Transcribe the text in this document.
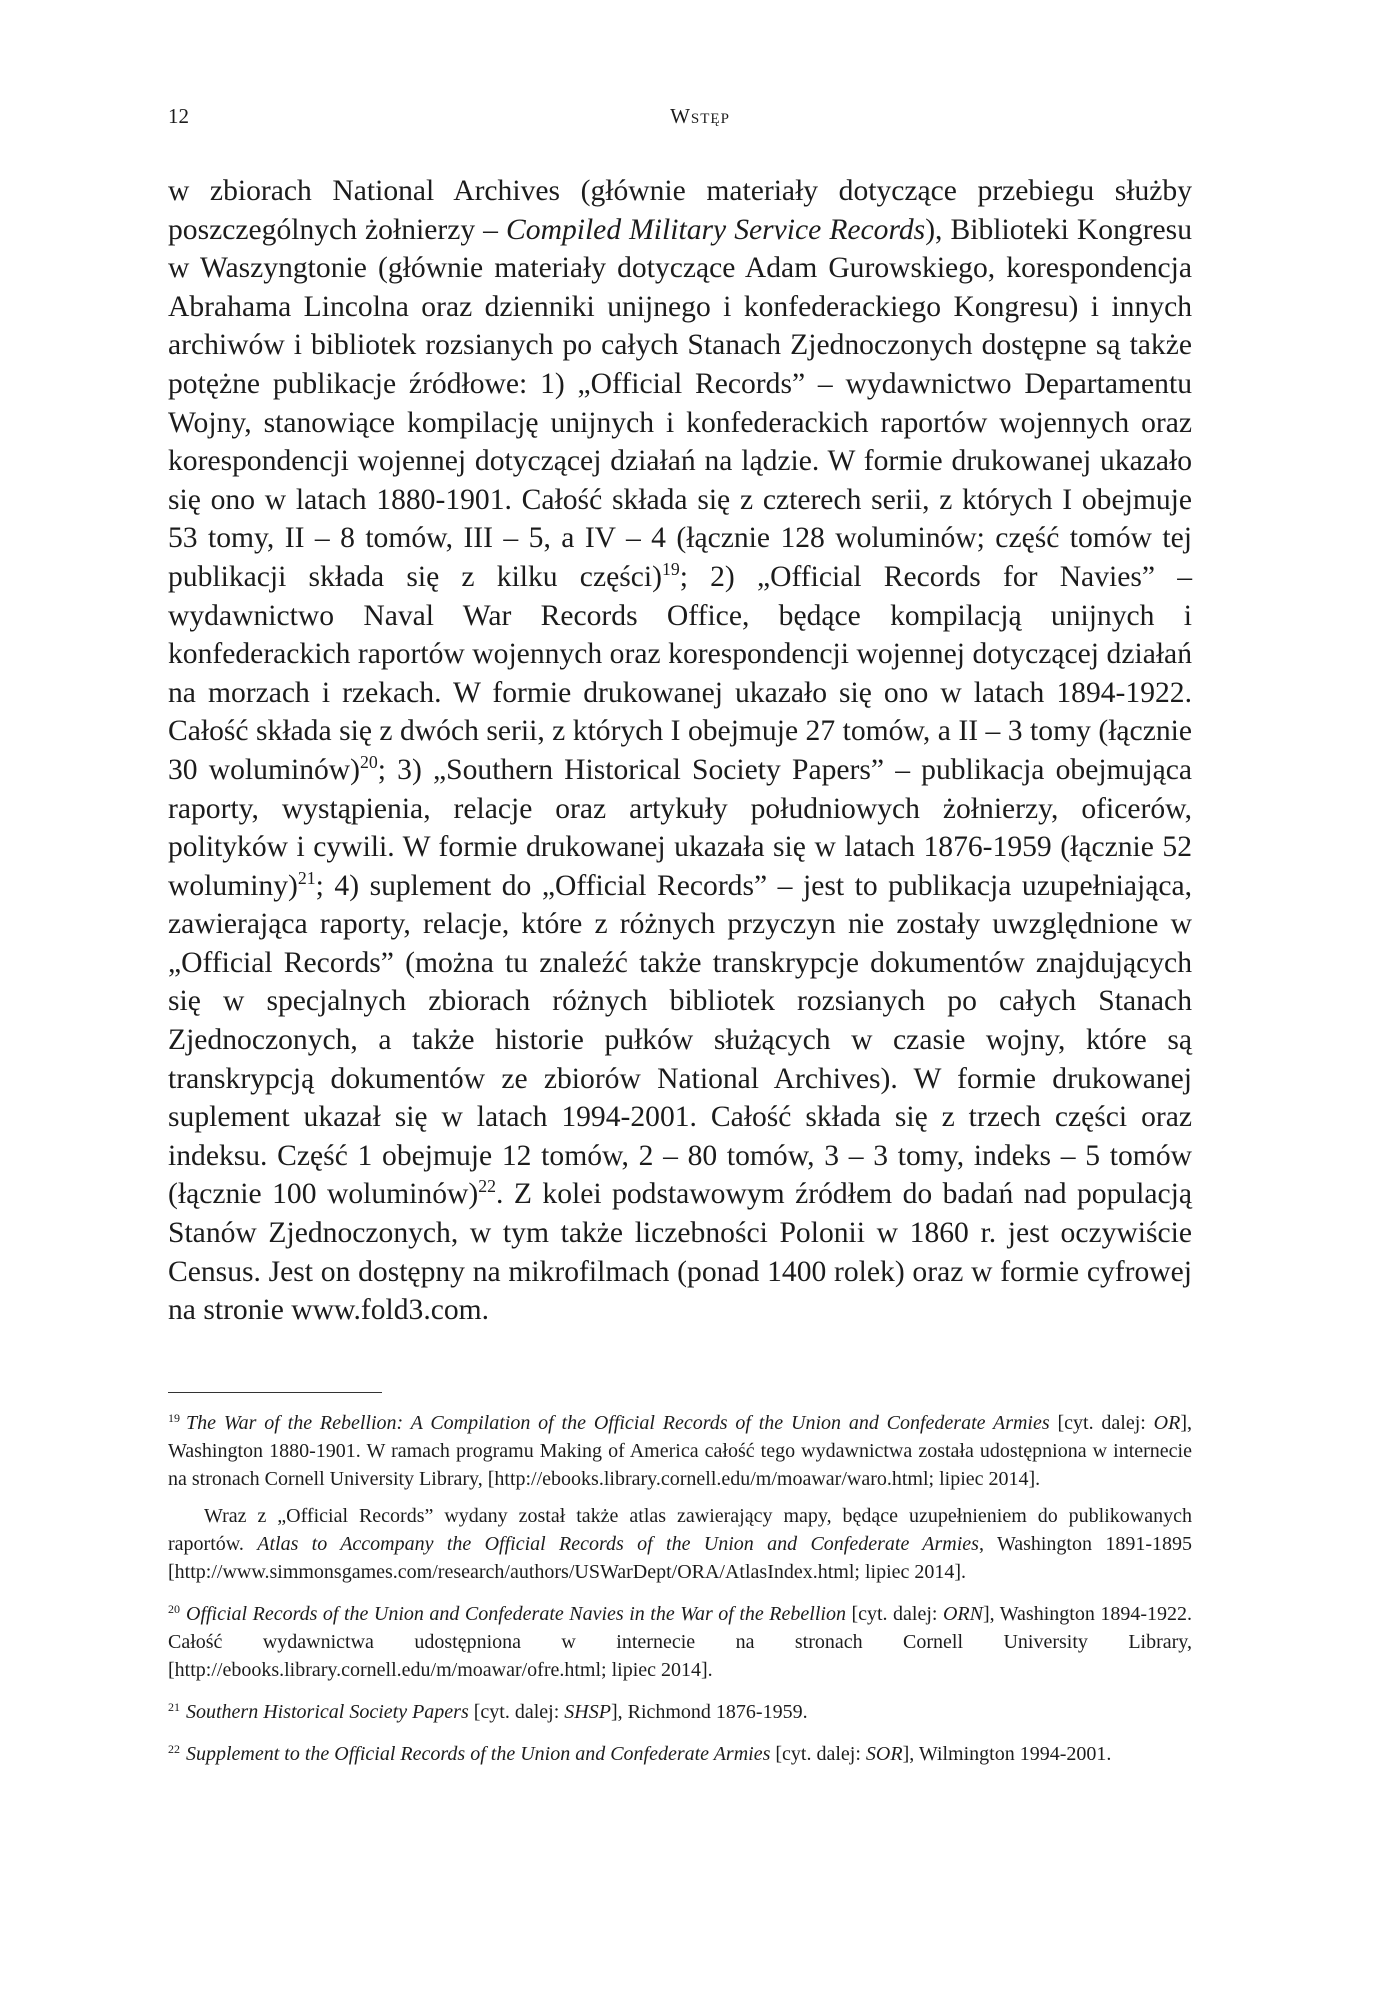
12	Wstęp

w zbiorach National Archives (głównie materiały dotyczące przebiegu służby poszczególnych żołnierzy – Compiled Military Service Records), Biblioteki Kongresu w Waszyngtonie (głównie materiały dotyczące Adam Gurowskiego, korespondencja Abrahama Lincolna oraz dzienniki unijnego i konfederackiego Kongresu) i innych archiwów i bibliotek rozsianych po całych Stanach Zjednoczonych dostępne są także potężne publikacje źródłowe: 1) „Official Records” – wydawnictwo Departamentu Wojny, stanowiące kompilację unijnych i konfederackich raportów wojennych oraz korespondencji wojennej dotyczącej działań na lądzie. W formie drukowanej ukazało się ono w latach 1880-1901. Całość składa się z czterech serii, z których I obejmuje 53 tomy, II – 8 tomów, III – 5, a IV – 4 (łącznie 128 woluminów; część tomów tej publikacji składa się z kilku części)$^{19}$; 2) „Official Records for Navies” – wydawnictwo Naval War Records Office, będące kompilacją unijnych i konfederackich raportów wojennych oraz korespondencji wojennej dotyczącej działań na morzach i rzekach. W formie drukowanej ukazało się ono w latach 1894-1922. Całość składa się z dwóch serii, z których I obejmuje 27 tomów, a II – 3 tomy (łącznie 30 woluminów)$^{20}$; 3) „Southern Historical Society Papers” – publikacja obejmująca raporty, wystąpienia, relacje oraz artykuły południowych żołnierzy, oficerów, polityków i cywili. W formie drukowanej ukazała się w latach 1876-1959 (łącznie 52 woluminy)$^{21}$; 4) suplement do „Official Records” – jest to publikacja uzupełniająca, zawierająca raporty, relacje, które z różnych przyczyn nie zostały uwzględnione w „Official Records” (można tu znaleźć także transkrypcje dokumentów znajdujących się w specjalnych zbiorach różnych bibliotek rozsianych po całych Stanach Zjednoczonych, a także historie pułków służących w czasie wojny, które są transkrypcją dokumentów ze zbiorów National Archives). W formie drukowanej suplement ukazał się w latach 1994-2001. Całość składa się z trzech części oraz indeksu. Część 1 obejmuje 12 tomów, 2 – 80 tomów, 3 – 3 tomy, indeks – 5 tomów (łącznie 100 woluminów)$^{22}$. Z kolei podstawowym źródłem do badań nad populacją Stanów Zjednoczonych, w tym także liczebności Polonii w 1860 r. jest oczywiście Census. Jest on dostępny na mikrofilmach (ponad 1400 rolek) oraz w formie cyfrowej na stronie www.fold3.com.

$^{19}$ The War of the Rebellion: A Compilation of the Official Records of the Union and Confederate Armies [cyt. dalej: OR], Washington 1880-1901. W ramach programu Making of America całość tego wydawnictwa została udostępniona w internecie na stronach Cornell University Library, [http://ebooks.library.cornell.edu/m/moawar/waro.html; lipiec 2014].

Wraz z „Official Records” wydany został także atlas zawierający mapy, będące uzupełnieniem do publikowanych raportów. Atlas to Accompany the Official Records of the Union and Confederate Armies, Washington 1891-1895 [http://www.simmonsgames.com/research/authors/USWarDept/ORA/AtlasIndex.html; lipiec 2014].

$^{20}$ Official Records of the Union and Confederate Navies in the War of the Rebellion [cyt. dalej: ORN], Washington 1894-1922. Całość wydawnictwa udostępniona w internecie na stronach Cornell University Library, [http://ebooks.library.cornell.edu/m/moawar/ofre.html; lipiec 2014].

$^{21}$ Southern Historical Society Papers [cyt. dalej: SHSP], Richmond 1876-1959.

$^{22}$ Supplement to the Official Records of the Union and Confederate Armies [cyt. dalej: SOR], Wilmington 1994-2001.
